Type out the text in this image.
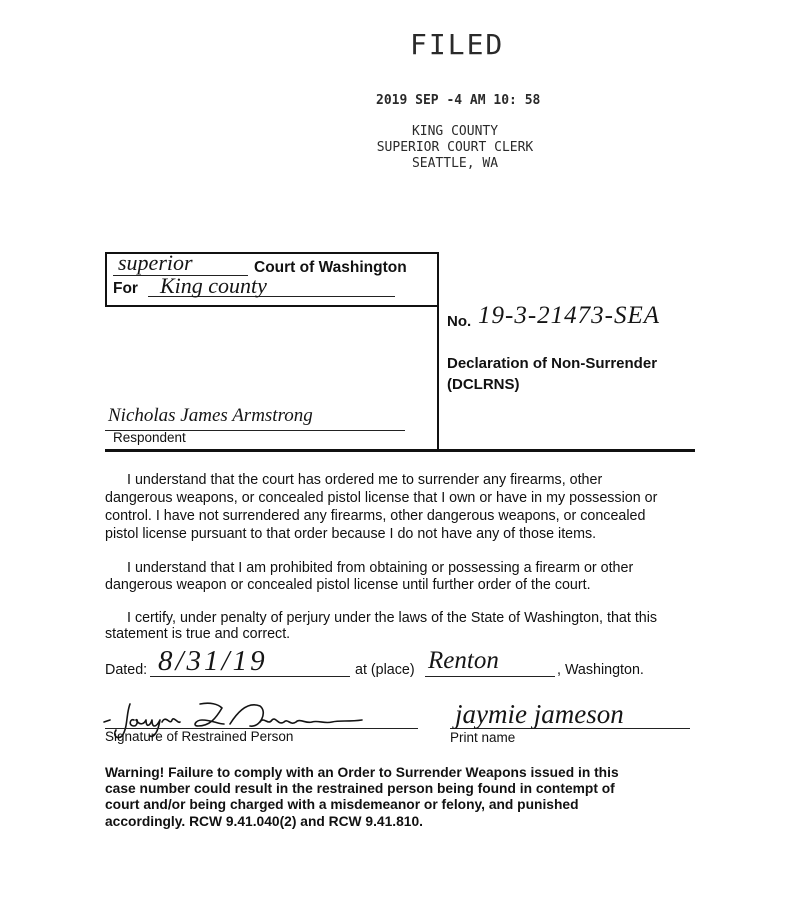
FILED
2019 SEP -4 AM 10: 58
KING COUNTY
SUPERIOR COURT CLERK
SEATTLE, WA
superior	Court of Washington
For King county
Nicholas James Armstrong
Respondent
No. 19-3-21473-SEA
Declaration of Non-Surrender
(DCLRNS)
I understand that the court has ordered me to surrender any firearms, other
dangerous weapons, or concealed pistol license that I own or have in my possession or
control. I have not surrendered any firearms, other dangerous weapons, or concealed
pistol license pursuant to that order because I do not have any of those items.
I understand that I am prohibited from obtaining or possessing a firearm or other
dangerous weapon or concealed pistol license until further order of the court.
I certify, under penalty of perjury under the laws of the State of Washington, that this
statement is true and correct.
Dated: 8/31/19	at (place) Renton	, Washington.
Signature of Restrained Person
jaymie jameson
Print name
Warning! Failure to comply with an Order to Surrender Weapons issued in this
case number could result in the restrained person being found in contempt of
court and/or being charged with a misdemeanor or felony, and punished
accordingly. RCW 9.41.040(2) and RCW 9.41.810.
